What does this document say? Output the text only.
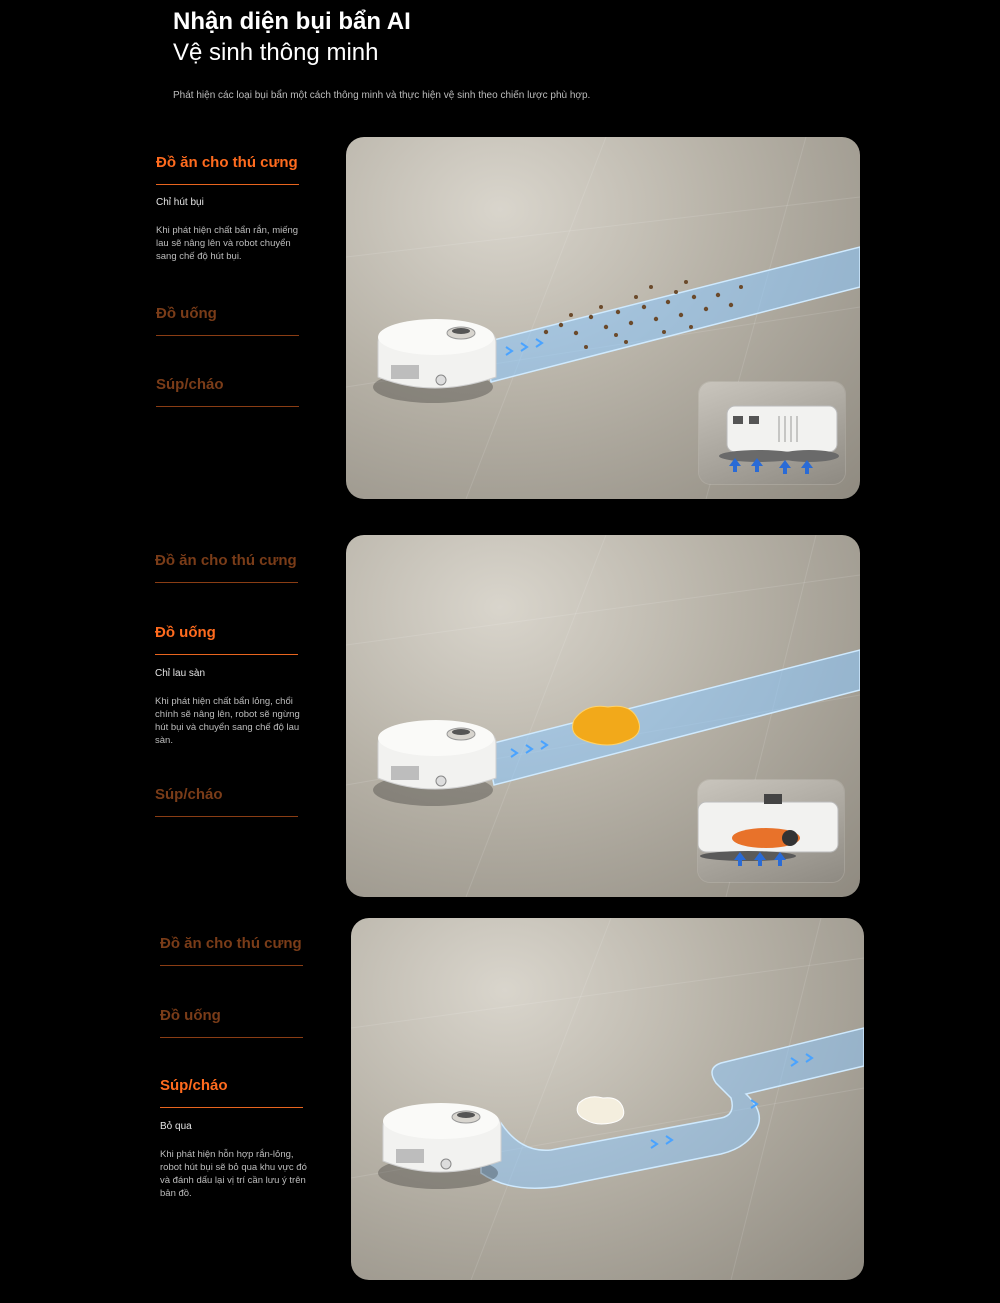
Nhận diện bụi bẩn AI
Vệ sinh thông minh

Phát hiện các loại bụi bẩn một cách thông minh và thực hiện vệ sinh theo chiến lược phù hợp.

Đồ ăn cho thú cưng

Chỉ hút bụi

Khi phát hiện chất bẩn rắn, miếng lau sẽ nâng lên và robot chuyển sang chế độ hút bụi.

Đồ uống
Súp/cháo
Đồ ăn cho thú cưng
Đồ uống

Chỉ lau sàn

Khi phát hiện chất bẩn lỏng, chổi chính sẽ nâng lên, robot sẽ ngừng hút bụi và chuyển sang chế độ lau sàn.

Súp/cháo
Đồ ăn cho thú cưng
Đồ uống
Súp/cháo

Bỏ qua

Khi phát hiện hỗn hợp rắn-lỏng, robot hút bụi sẽ bỏ qua khu vực đó và đánh dấu lại vị trí cần lưu ý trên bản đồ.
